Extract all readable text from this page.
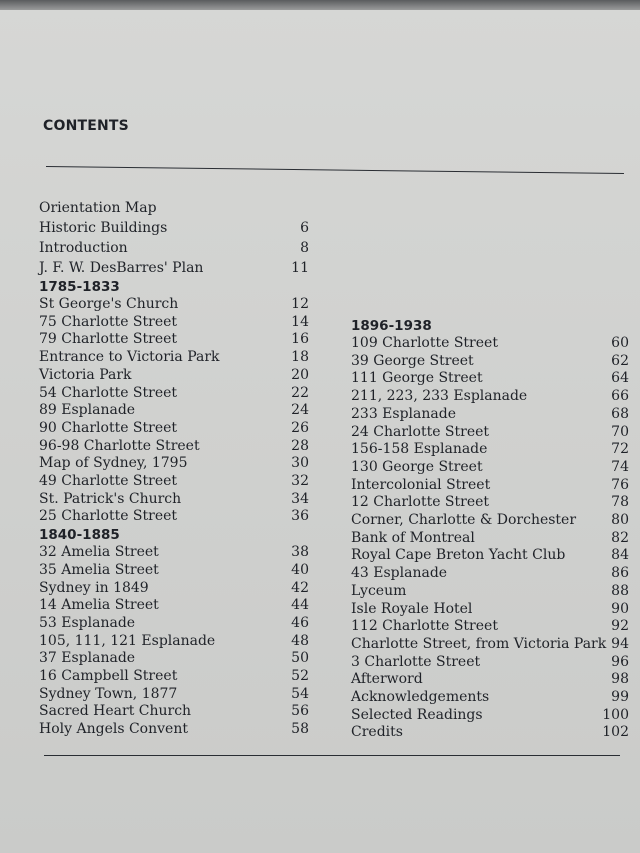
CONTENTS
Orientation Map
Historic Buildings	6
Introduction	8
J. F. W. DesBarres' Plan	11
1785-1833
St George's Church	12
75 Charlotte Street	14
79 Charlotte Street	16
Entrance to Victoria Park	18
Victoria Park	20
54 Charlotte Street	22
89 Esplanade	24
90 Charlotte Street	26
96-98 Charlotte Street	28
Map of Sydney, 1795	30
49 Charlotte Street	32
St. Patrick's Church	34
25 Charlotte Street	36
1840-1885
32 Amelia Street	38
35 Amelia Street	40
Sydney in 1849	42
14 Amelia Street	44
53 Esplanade	46
105, 111, 121 Esplanade	48
37 Esplanade	50
16 Campbell Street	52
Sydney Town, 1877	54
Sacred Heart Church	56
Holy Angels Convent	58
1896-1938
109 Charlotte Street	60
39 George Street	62
111 George Street	64
211, 223, 233 Esplanade	66
233 Esplanade	68
24 Charlotte Street	70
156-158 Esplanade	72
130 George Street	74
Intercolonial Street	76
12 Charlotte Street	78
Corner, Charlotte & Dorchester	80
Bank of Montreal	82
Royal Cape Breton Yacht Club	84
43 Esplanade	86
Lyceum	88
Isle Royale Hotel	90
112 Charlotte Street	92
Charlotte Street, from Victoria Park 94
3 Charlotte Street	96
Afterword	98
Acknowledgements	99
Selected Readings	100
Credits	102
